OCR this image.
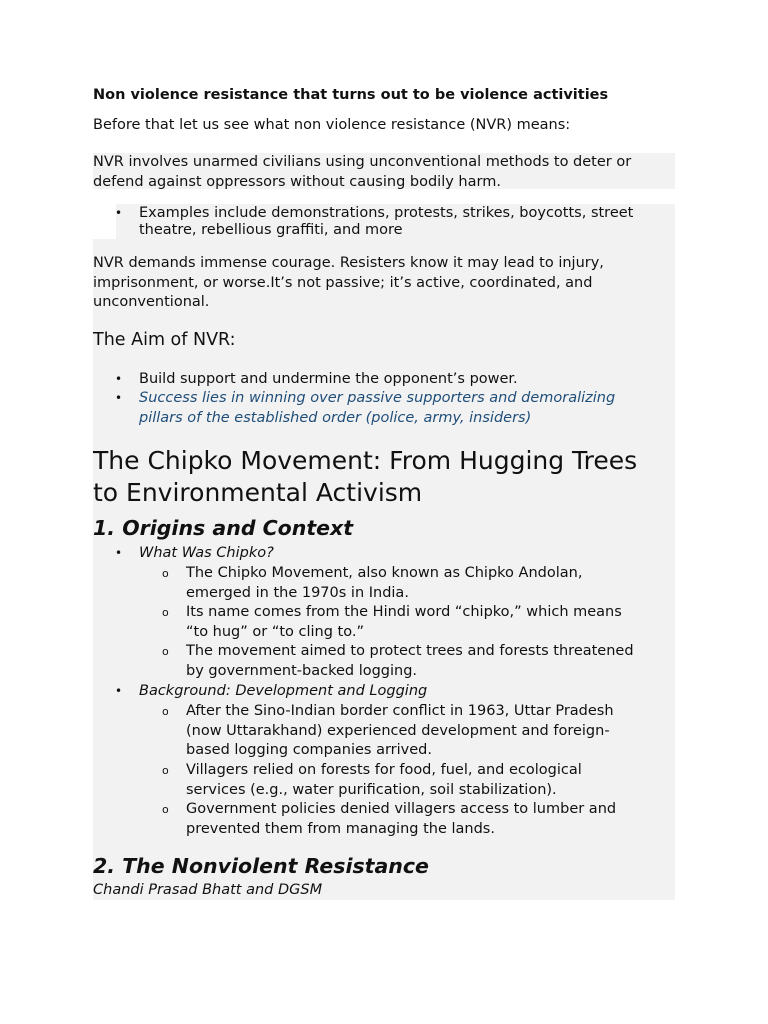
Non violence resistance that turns out to be violence activities
Before that let us see what non violence resistance (NVR) means:
NVR involves unarmed civilians using unconventional methods to deter or defend against oppressors without causing bodily harm.
• Examples include demonstrations, protests, strikes, boycotts, street
theatre, rebellious graffiti, and more
NVR demands immense courage. Resisters know it may lead to injury,
imprisonment, or worse.It’s not passive; it’s active, coordinated, and
unconventional.
The Aim of NVR:
• Build support and undermine the opponent’s power.
• Success lies in winning over passive supporters and demoralizing
pillars of the established order (police, army, insiders)
The Chipko Movement: From Hugging Trees
to Environmental Activism
1. Origins and Context
• What Was Chipko?
o The Chipko Movement, also known as Chipko Andolan,
emerged in the 1970s in India.
o Its name comes from the Hindi word “chipko,” which means
“to hug” or “to cling to.”
o The movement aimed to protect trees and forests threatened
by government-backed logging.
• Background: Development and Logging
o After the Sino-Indian border conflict in 1963, Uttar Pradesh
(now Uttarakhand) experienced development and foreign-
based logging companies arrived.
o Villagers relied on forests for food, fuel, and ecological
services (e.g., water purification, soil stabilization).
o Government policies denied villagers access to lumber and
prevented them from managing the lands.
2. The Nonviolent Resistance
Chandi Prasad Bhatt and DGSM
